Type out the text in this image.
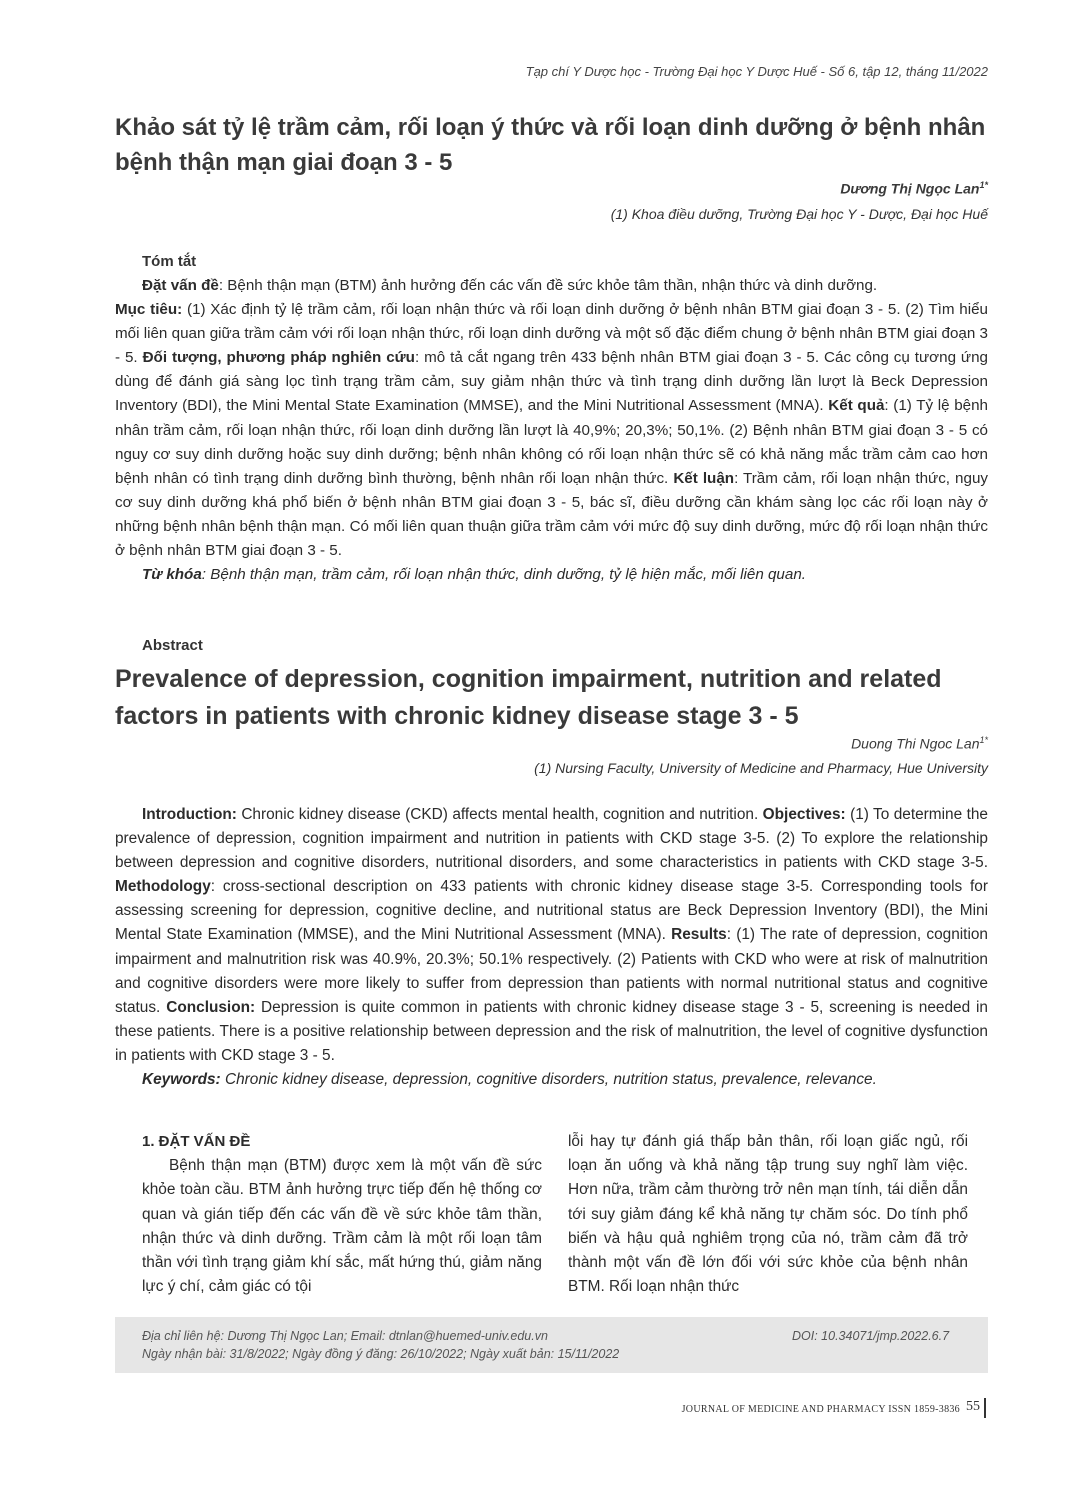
Tạp chí Y Dược học - Trường Đại học Y Dược Huế - Số 6, tập 12, tháng 11/2022
Khảo sát tỷ lệ trầm cảm, rối loạn ý thức và rối loạn dinh dưỡng ở bệnh nhân bệnh thận mạn giai đoạn 3 - 5
Dương Thị Ngọc Lan$^{1*}$
(1) Khoa điều dưỡng, Trường Đại học Y - Dược, Đại học Huế
Tóm tắt

Đặt vấn đề: Bệnh thận mạn (BTM) ảnh hưởng đến các vấn đề sức khỏe tâm thần, nhận thức và dinh dưỡng.

Mục tiêu: (1) Xác định tỷ lệ trầm cảm, rối loạn nhận thức và rối loạn dinh dưỡng ở bệnh nhân BTM giai đoạn 3 - 5. (2) Tìm hiểu mối liên quan giữa trầm cảm với rối loạn nhận thức, rối loạn dinh dưỡng và một số đặc điểm chung ở bệnh nhân BTM giai đoạn 3 - 5. Đối tượng, phương pháp nghiên cứu: mô tả cắt ngang trên 433 bệnh nhân BTM giai đoạn 3 - 5. Các công cụ tương ứng dùng để đánh giá sàng lọc tình trạng trầm cảm, suy giảm nhận thức và tình trạng dinh dưỡng lần lượt là Beck Depression Inventory (BDI), the Mini Mental State Examination (MMSE), and the Mini Nutritional Assessment (MNA). Kết quả: (1) Tỷ lệ bệnh nhân trầm cảm, rối loạn nhận thức, rối loạn dinh dưỡng lần lượt là 40,9%; 20,3%; 50,1%. (2) Bệnh nhân BTM giai đoạn 3 - 5 có nguy cơ suy dinh dưỡng hoặc suy dinh dưỡng; bệnh nhân không có rối loạn nhận thức sẽ có khả năng mắc trầm cảm cao hơn bệnh nhân có tình trạng dinh dưỡng bình thường, bệnh nhân rối loạn nhận thức. Kết luận: Trầm cảm, rối loạn nhận thức, nguy cơ suy dinh dưỡng khá phổ biến ở bệnh nhân BTM giai đoạn 3 - 5, bác sĩ, điều dưỡng cần khám sàng lọc các rối loạn này ở những bệnh nhân bệnh thận mạn. Có mối liên quan thuận giữa trầm cảm với mức độ suy dinh dưỡng, mức độ rối loạn nhận thức ở bệnh nhân BTM giai đoạn 3 - 5.

Từ khóa: Bệnh thận mạn, trầm cảm, rối loạn nhận thức, dinh dưỡng, tỷ lệ hiện mắc, mối liên quan.

Abstract
Prevalence of depression, cognition impairment, nutrition and related factors in patients with chronic kidney disease stage 3 - 5
Duong Thi Ngoc Lan$^{1*}$
(1) Nursing Faculty, University of Medicine and Pharmacy, Hue University

Introduction: Chronic kidney disease (CKD) affects mental health, cognition and nutrition. Objectives: (1) To determine the prevalence of depression, cognition impairment and nutrition in patients with CKD stage 3-5. (2) To explore the relationship between depression and cognitive disorders, nutritional disorders, and some characteristics in patients with CKD stage 3-5. Methodology: cross-sectional description on 433 patients with chronic kidney disease stage 3-5. Corresponding tools for assessing screening for depression, cognitive decline, and nutritional status are Beck Depression Inventory (BDI), the Mini Mental State Examination (MMSE), and the Mini Nutritional Assessment (MNA). Results: (1) The rate of depression, cognition impairment and malnutrition risk was 40.9%, 20.3%; 50.1% respectively. (2) Patients with CKD who were at risk of malnutrition and cognitive disorders were more likely to suffer from depression than patients with normal nutritional status and cognitive status. Conclusion: Depression is quite common in patients with chronic kidney disease stage 3 - 5, screening is needed in these patients. There is a positive relationship between depression and the risk of malnutrition, the level of cognitive dysfunction in patients with CKD stage 3 - 5.

Keywords: Chronic kidney disease, depression, cognitive disorders, nutrition status, prevalence, relevance.

1. ĐẶT VẤN ĐỀ

Bệnh thận mạn (BTM) được xem là một vấn đề sức khỏe toàn cầu. BTM ảnh hưởng trực tiếp đến hệ thống cơ quan và gián tiếp đến các vấn đề về sức khỏe tâm thần, nhận thức và dinh dưỡng. Trầm cảm là một rối loạn tâm thần với tình trạng giảm khí sắc, mất hứng thú, giảm năng lực ý chí, cảm giác có tội

lỗi hay tự đánh giá thấp bản thân, rối loạn giấc ngủ, rối loạn ăn uống và khả năng tập trung suy nghĩ làm việc. Hơn nữa, trầm cảm thường trở nên mạn tính, tái diễn dẫn tới suy giảm đáng kể khả năng tự chăm sóc. Do tính phổ biến và hậu quả nghiêm trọng của nó, trầm cảm đã trở thành một vấn đề lớn đối với sức khỏe của bệnh nhân BTM. Rối loạn nhận thức

Địa chỉ liên hệ: Dương Thị Ngọc Lan; Email: dtnlan@huemed-univ.edu.vn
Ngày nhận bài: 31/8/2022; Ngày đồng ý đăng: 26/10/2022; Ngày xuất bản: 15/11/2022
DOI: 10.34071/jmp.2022.6.7
JOURNAL OF MEDICINE AND PHARMACY ISSN 1859-3836 55
